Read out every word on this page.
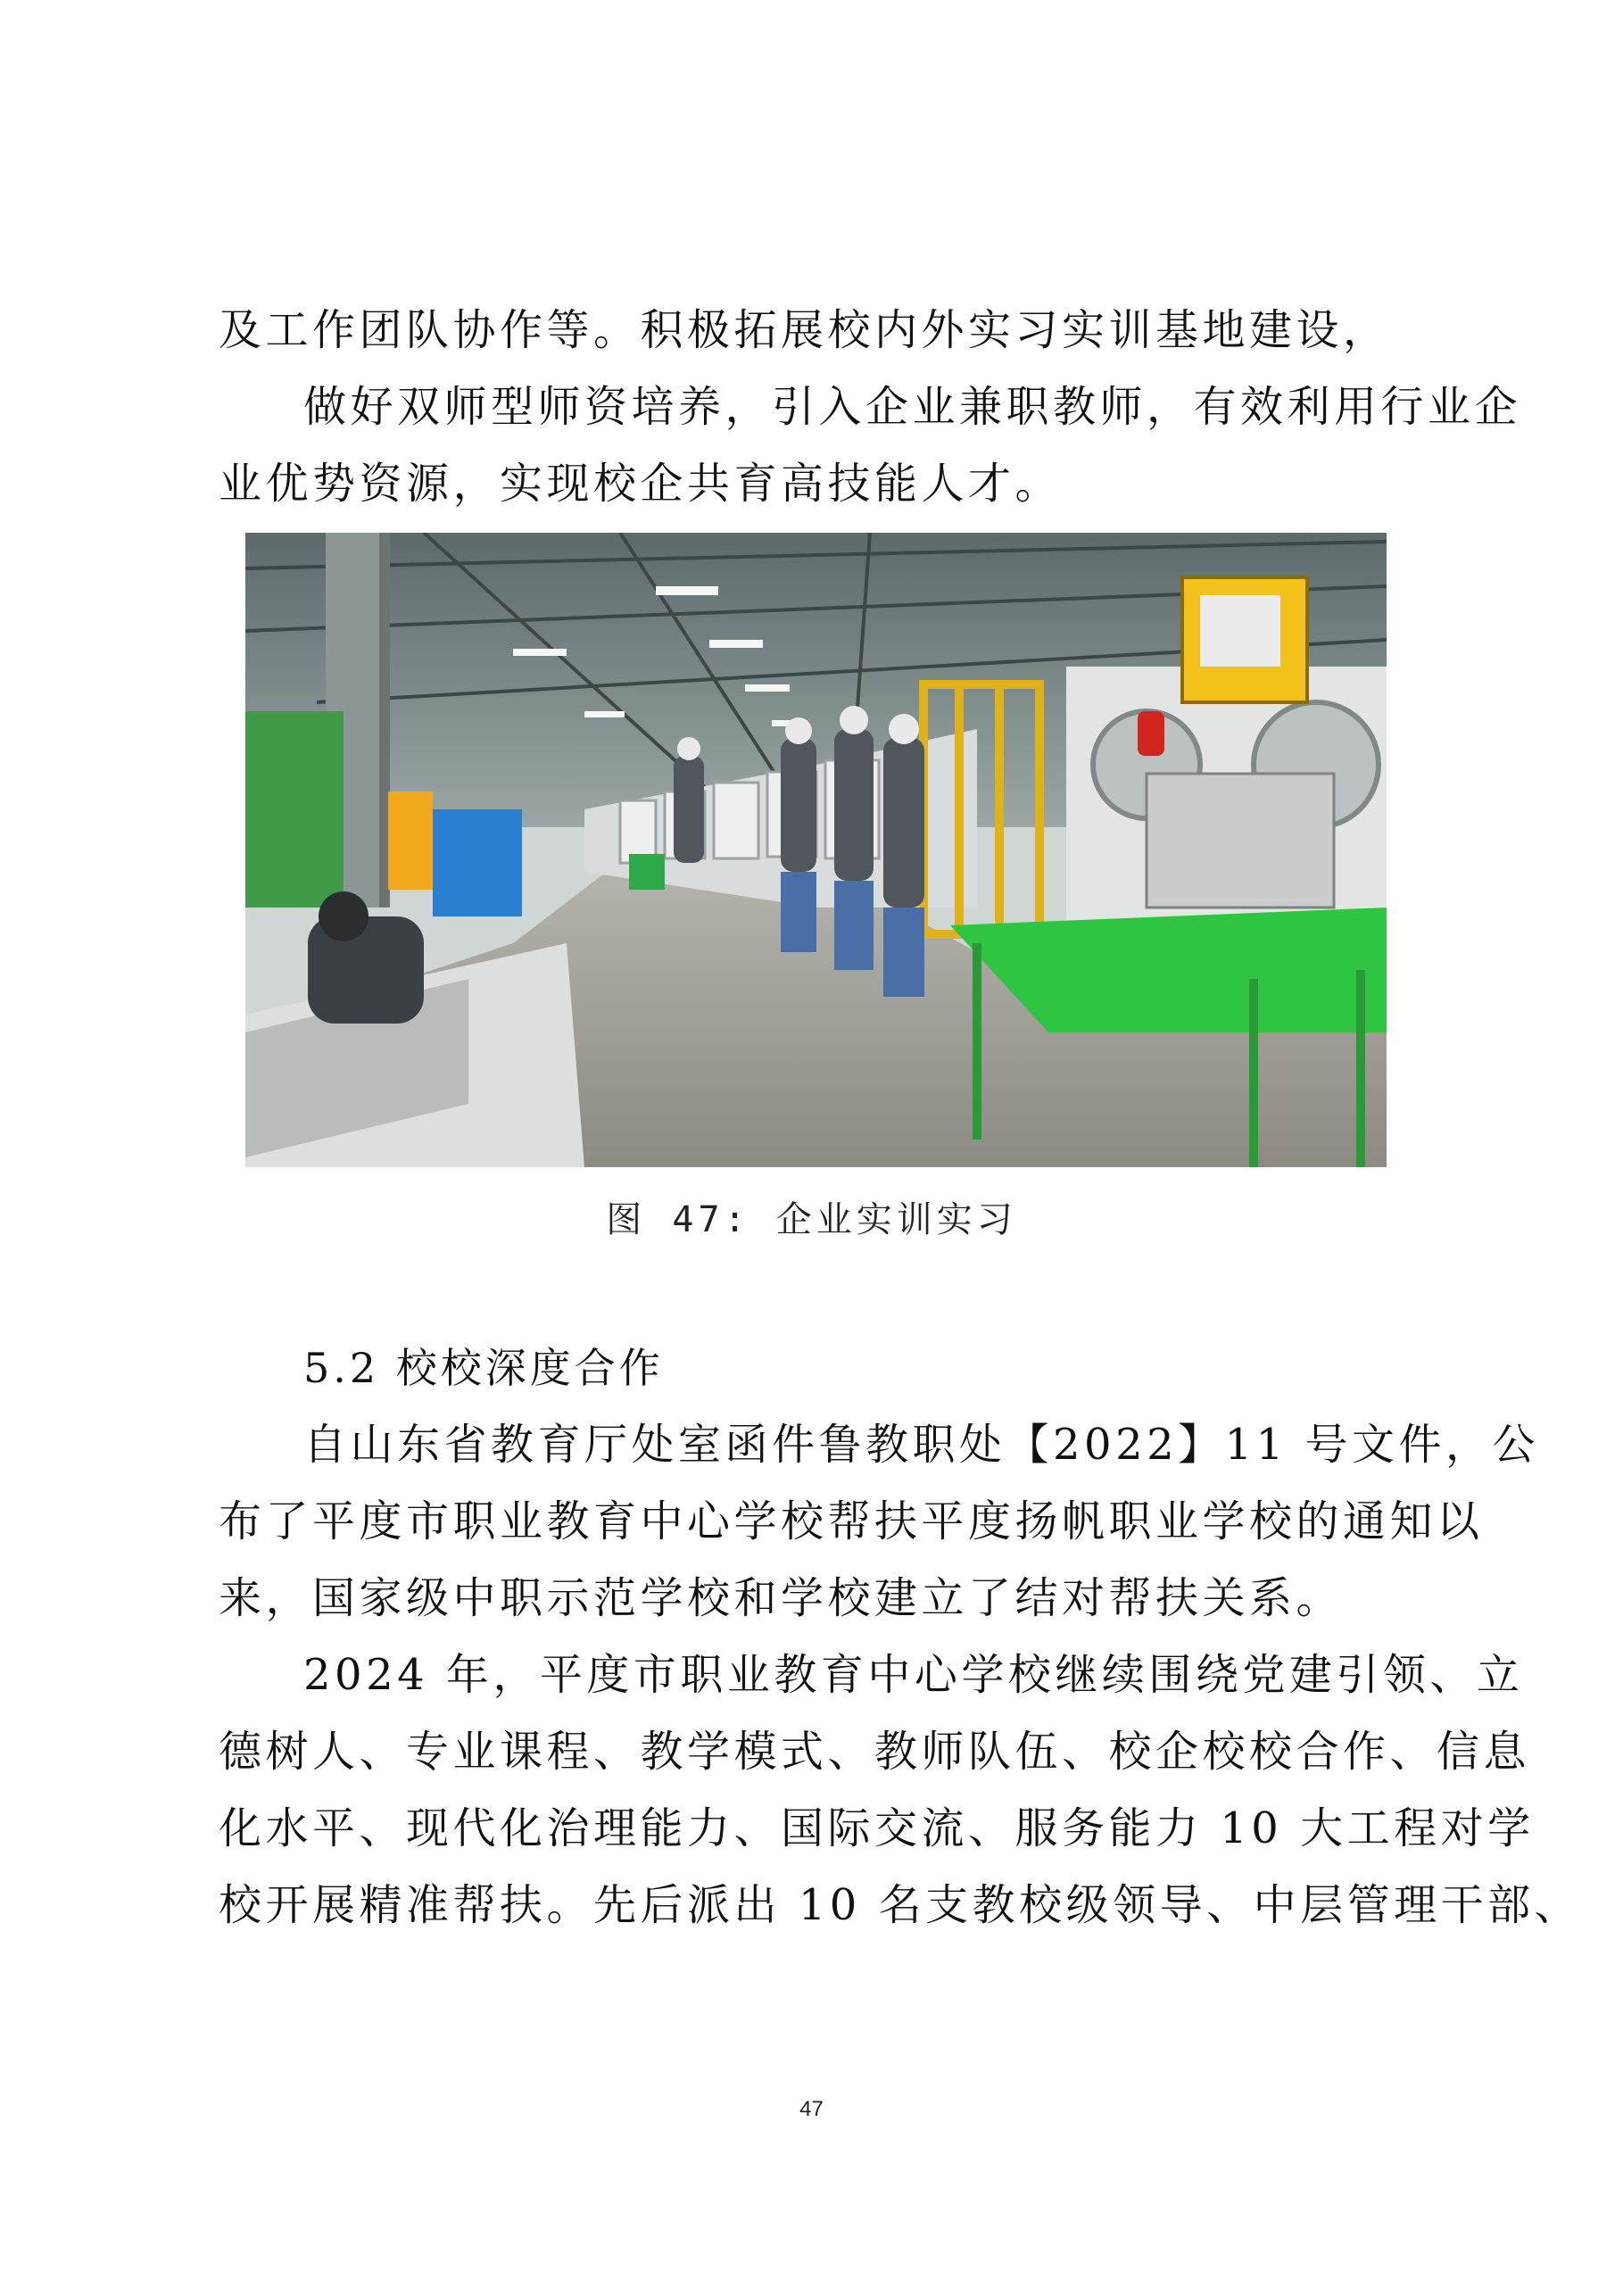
及工作团队协作等。积极拓展校内外实习实训基地建设，
做好双师型师资培养，引入企业兼职教师，有效利用行业企
业优势资源，实现校企共育高技能人才。
图 47: 企业实训实习
5.2 校校深度合作
自山东省教育厅处室函件鲁教职处【2022】11 号文件，公
布了平度市职业教育中心学校帮扶平度扬帆职业学校的通知以
来，国家级中职示范学校和学校建立了结对帮扶关系。
2024 年，平度市职业教育中心学校继续围绕党建引领、立
德树人、专业课程、教学模式、教师队伍、校企校校合作、信息
化水平、现代化治理能力、国际交流、服务能力 10 大工程对学
校开展精准帮扶。先后派出 10 名支教校级领导、中层管理干部、
47
